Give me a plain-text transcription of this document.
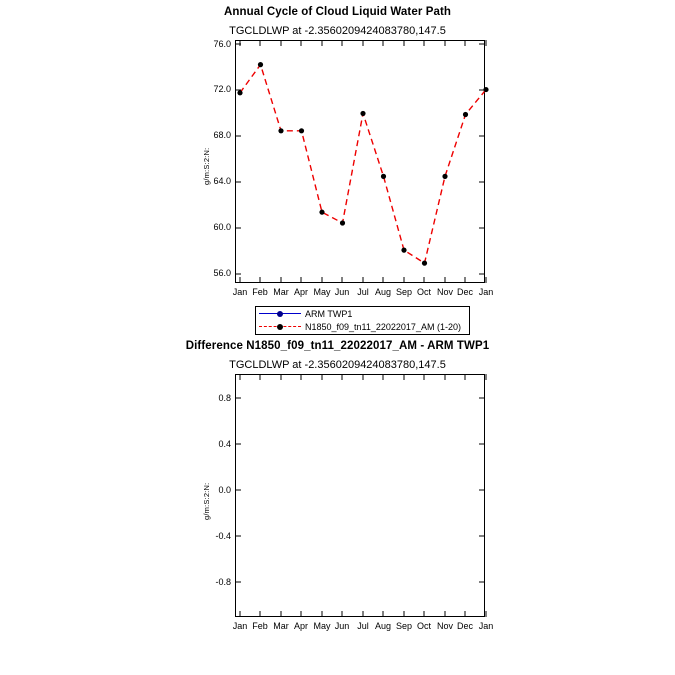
Annual Cycle of Cloud Liquid Water Path
TGCLDLWP at -2.3560209424083780,147.5
g/m:S:2:N:
76.0
72.0
68.0
64.0
60.0
56.0
Jan Feb Mar Apr May Jun Jul Aug Sep Oct Nov Dec Jan
ARM TWP1
N1850_f09_tn11_22022017_AM (1-20)
Difference N1850_f09_tn11_22022017_AM - ARM TWP1
TGCLDLWP at -2.3560209424083780,147.5
g/m:S:2:N:
0.8
0.4
0.0
-0.4
-0.8
Jan Feb Mar Apr May Jun Jul Aug Sep Oct Nov Dec Jan
